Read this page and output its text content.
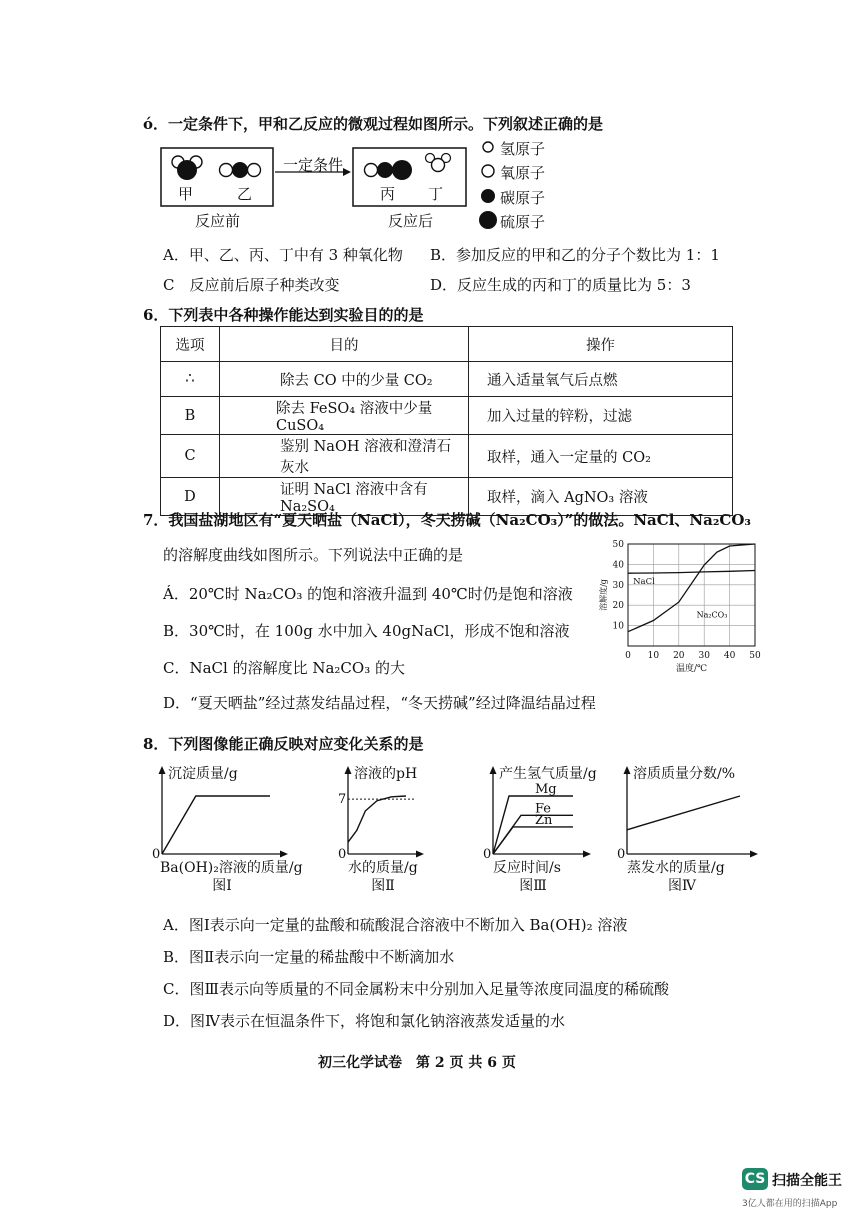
ó．一定条件下，甲和乙反应的微观过程如图所示。下列叙述正确的是
甲	乙
一定条件
丙 丁
反应前	反应后
氢原子
氧原子
碳原子
硫原子
A．甲、乙、丙、丁中有 3 种氧化物 B．参加反应的甲和乙的分子个数比为 1：1
C　反应前后原子种类改变	D．反应生成的丙和丁的质量比为 5：3
6．下列表中各种操作能达到实验目的的是
选项	目的	操作
∴	除去 CO 中的少量 CO₂	通入适量氧气后点燃
B	除去 FeSO₄ 溶液中少量 CuSO₄	加入过量的锌粉，过滤
C	鉴别 NaOH 溶液和澄清石灰水	取样，通入一定量的 CO₂
D	证明 NaCl 溶液中含有 Na₂SO₄	取样，滴入 AgNO₃ 溶液
7．我国盐湖地区有“夏天晒盐（NaCl），冬天捞碱（Na₂CO₃）”的做法。NaCl、Na₂CO₃
的溶解度曲线如图所示。下列说法中正确的是
Á．20℃时 Na₂CO₃ 的饱和溶液升温到 40℃时仍是饱和溶液
B．30℃时，在 100g 水中加入 40gNaCl，形成不饱和溶液
C．NaCl 的溶解度比 Na₂CO₃ 的大
D．“夏天晒盐”经过蒸发结晶过程，“冬天捞碱”经过降温结晶过程
10
20
30
40
50
0 10 20 30 40 50
温度/℃
溶解度/g	NaCl
Na₂CO₃
8．下列图像能正确反映对应变化关系的是
沉淀质量/g
0
Ba(OH)₂溶液的质量/g
图Ⅰ
溶液的pH
0
水的质量/g
图Ⅱ
7
产生氢气质量/g
0
反应时间/s
图Ⅲ
Mg
Fe
Zn
溶质质量分数/%
0
蒸发水的质量/g
图Ⅳ
A．图Ⅰ表示向一定量的盐酸和硫酸混合溶液中不断加入 Ba(OH)₂ 溶液
B．图Ⅱ表示向一定量的稀盐酸中不断滴加水
C．图Ⅲ表示向等质量的不同金属粉末中分别加入足量等浓度同温度的稀硫酸
D．图Ⅳ表示在恒温条件下，将饱和氯化钠溶液蒸发适量的水
初三化学试卷　第 2 页 共 6 页
CS 扫描全能王
3亿人都在用的扫描App
